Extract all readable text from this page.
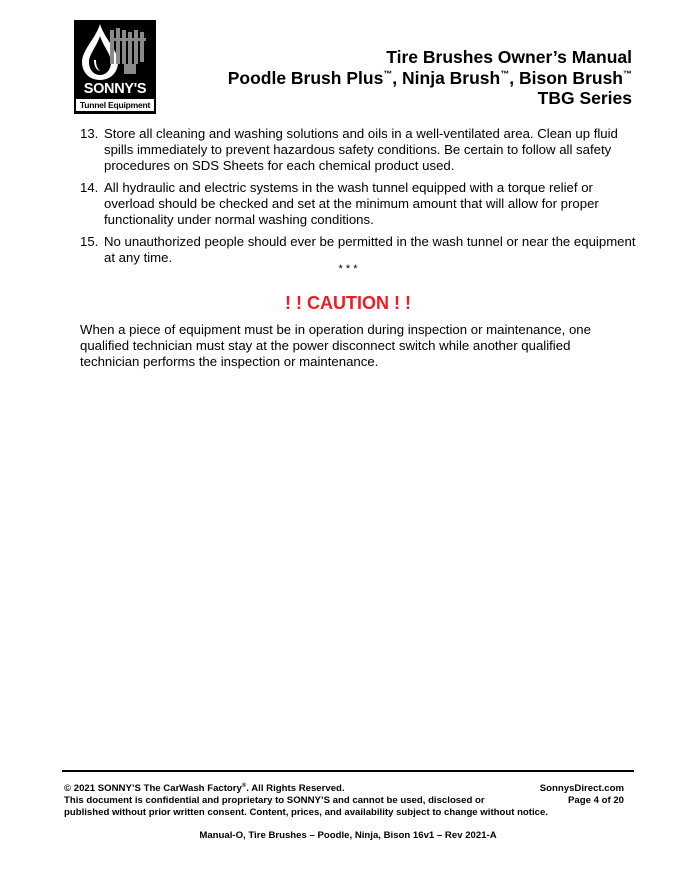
SONNY'S
Tunnel Equipment
Tire Brushes Owner’s Manual
Poodle Brush Plus™, Ninja Brush™, Bison Brush™
TBG Series
13. Store all cleaning and washing solutions and oils in a well-ventilated area. Clean up fluid spills immediately to prevent hazardous safety conditions. Be certain to follow all safety procedures on SDS Sheets for each chemical product used.
14. All hydraulic and electric systems in the wash tunnel equipped with a torque relief or overload should be checked and set at the minimum amount that will allow for proper functionality under normal washing conditions.
15. No unauthorized people should ever be permitted in the wash tunnel or near the equipment at any time.
* * *
! ! CAUTION ! !
When a piece of equipment must be in operation during inspection or maintenance, one qualified technician must stay at the power disconnect switch while another qualified technician performs the inspection or maintenance.
© 2021 SONNY’S The CarWash Factory®. All Rights Reserved.	SonnysDirect.com
This document is confidential and proprietary to SONNY’S and cannot be used, disclosed or	Page 4 of 20
published without prior written consent. Content, prices, and availability subject to change without notice.
Manual-O, Tire Brushes – Poodle, Ninja, Bison 16v1 – Rev 2021-A
